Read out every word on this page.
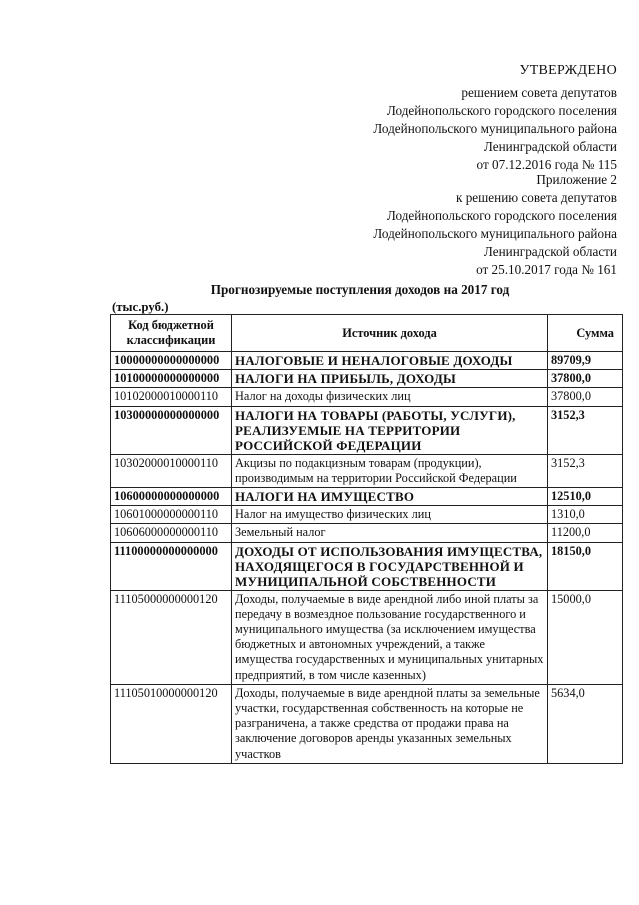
УТВЕРЖДЕНО
решением совета депутатов
Лодейнопольского городского поселения
Лодейнопольского муниципального района
Ленинградской области
от 07.12.2016 года № 115
Приложение 2
к решению совета депутатов
Лодейнопольского городского поселения
Лодейнопольского муниципального района
Ленинградской области
от 25.10.2017 года № 161
Прогнозируемые поступления доходов на 2017 год
(тыс.руб.)
Код бюджетной классификации	Источник дохода	Сумма
10000000000000000	НАЛОГОВЫЕ И НЕНАЛОГОВЫЕ ДОХОДЫ	89709,9
10100000000000000	НАЛОГИ НА ПРИБЫЛЬ, ДОХОДЫ	37800,0
10102000010000110	Налог на доходы физических лиц	37800,0
10300000000000000	НАЛОГИ НА ТОВАРЫ (РАБОТЫ, УСЛУГИ), РЕАЛИЗУЕМЫЕ НА ТЕРРИТОРИИ РОССИЙСКОЙ ФЕДЕРАЦИИ	3152,3
10302000010000110	Акцизы по подакцизным товарам (продукции), производимым на территории Российской Федерации	3152,3
10600000000000000	НАЛОГИ НА ИМУЩЕСТВО	12510,0
10601000000000110	Налог на имущество физических лиц	1310,0
10606000000000110	Земельный налог	11200,0
11100000000000000	ДОХОДЫ ОТ ИСПОЛЬЗОВАНИЯ ИМУЩЕСТВА, НАХОДЯЩЕГОСЯ В ГОСУДАРСТВЕННОЙ И МУНИЦИПАЛЬНОЙ СОБСТВЕННОСТИ	18150,0
11105000000000120	Доходы, получаемые в виде арендной либо иной платы за передачу в возмездное пользование государственного и муниципального имущества (за исключением имущества бюджетных и автономных учреждений, а также имущества государственных и муниципальных унитарных предприятий, в том числе казенных)	15000,0
11105010000000120	Доходы, получаемые в виде арендной платы за земельные участки, государственная собственность на которые не разграничена, а также средства от продажи права на заключение договоров аренды указанных земельных участков	5634,0
